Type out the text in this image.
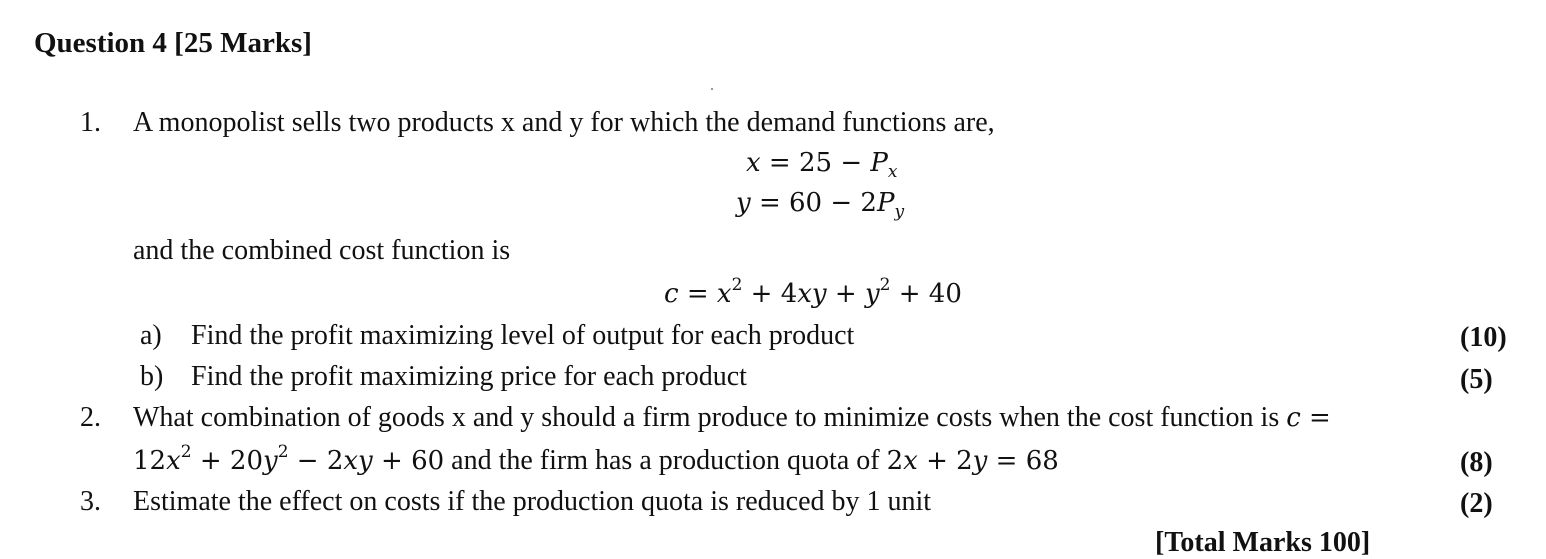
Question 4 [25 Marks]
1. A monopolist sells two products x and y for which the demand functions are,
$x = 25 - P_x$
$y = 60 - 2P_y$
and the combined cost function is
$c = x^2 + 4xy + y^2 + 40$
a) Find the profit maximizing level of output for each product	(10)
b) Find the profit maximizing price for each product	(5)
2. What combination of goods x and y should a firm produce to minimize costs when the cost function is c =
$12x^2 + 20y^2 - 2xy + 60$ and the firm has a production quota of 2x + 2y = 68	(8)
3. Estimate the effect on costs if the production quota is reduced by 1 unit	(2)
[Total Marks 100]
